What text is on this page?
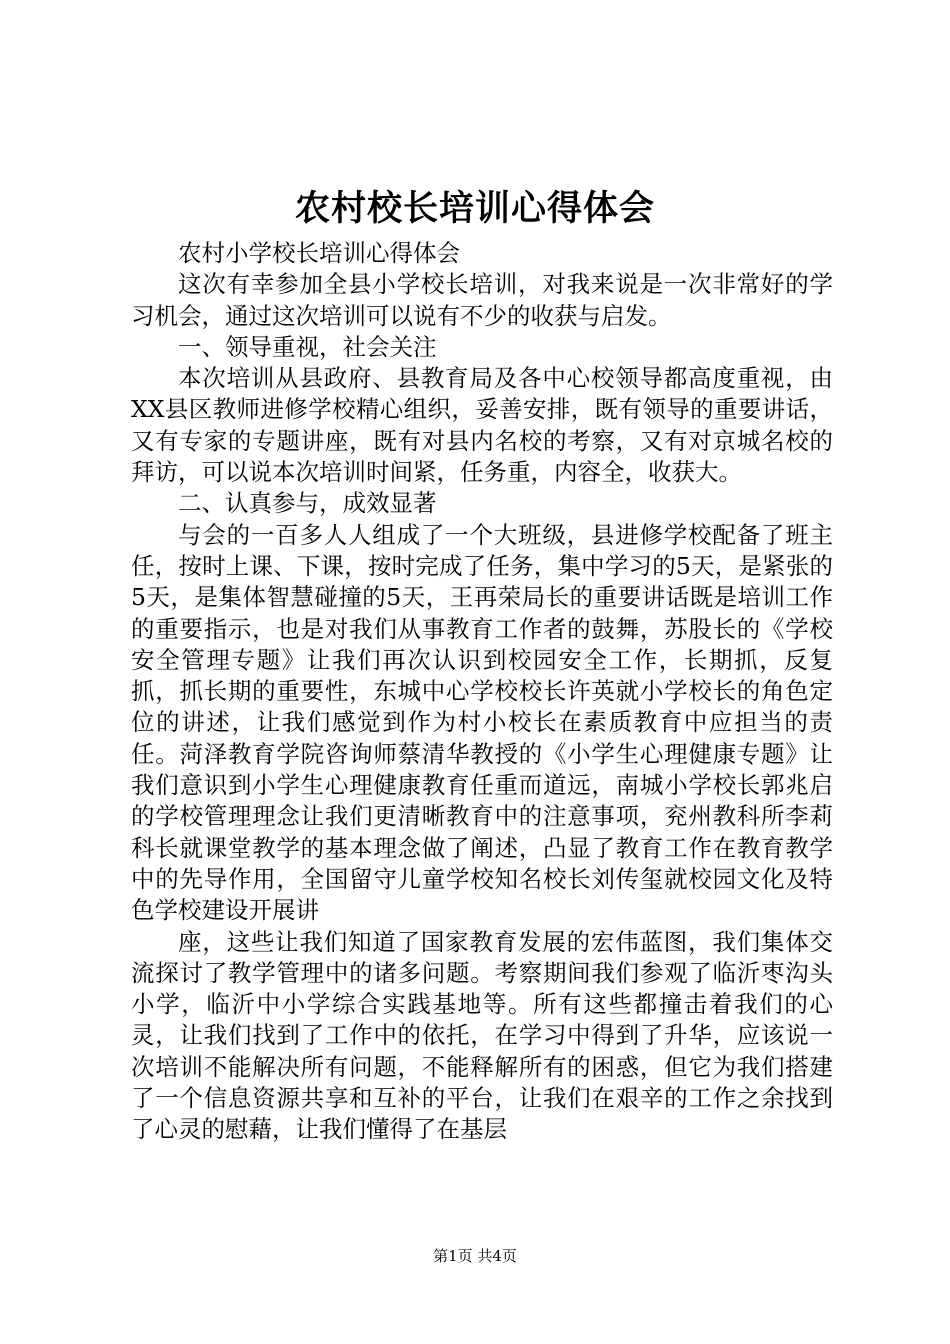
农村校长培训心得体会

农村小学校长培训心得体会

这次有幸参加全县小学校长培训，对我来说是一次非常好的学习机会，通过这次培训可以说有不少的收获与启发。

一、领导重视，社会关注

本次培训从县政府、县教育局及各中心校领导都高度重视，由XX县区教师进修学校精心组织，妥善安排，既有领导的重要讲话，又有专家的专题讲座，既有对县内名校的考察，又有对京城名校的拜访，可以说本次培训时间紧，任务重，内容全，收获大。

二、认真参与，成效显著

与会的一百多人人组成了一个大班级，县进修学校配备了班主任，按时上课、下课，按时完成了任务，集中学习的5天，是紧张的5天，是集体智慧碰撞的5天，王再荣局长的重要讲话既是培训工作的重要指示，也是对我们从事教育工作者的鼓舞，苏股长的《学校安全管理专题》让我们再次认识到校园安全工作，长期抓，反复抓，抓长期的重要性，东城中心学校校长许英就小学校长的角色定位的讲述，让我们感觉到作为村小校长在素质教育中应担当的责任。菏泽教育学院咨询师蔡清华教授的《小学生心理健康专题》让我们意识到小学生心理健康教育任重而道远，南城小学校长郭兆启的学校管理理念让我们更清晰教育中的注意事项，兖州教科所李莉科长就课堂教学的基本理念做了阐述，凸显了教育工作在教育教学中的先导作用，全国留守儿童学校知名校长刘传玺就校园文化及特色学校建设开展讲

座，这些让我们知道了国家教育发展的宏伟蓝图，我们集体交流探讨了教学管理中的诸多问题。考察期间我们参观了临沂枣沟头小学，临沂中小学综合实践基地等。所有这些都撞击着我们的心灵，让我们找到了工作中的依托，在学习中得到了升华，应该说一次培训不能解决所有问题，不能释解所有的困惑，但它为我们搭建了一个信息资源共享和互补的平台，让我们在艰辛的工作之余找到了心灵的慰藉，让我们懂得了在基层

第1页 共4页
